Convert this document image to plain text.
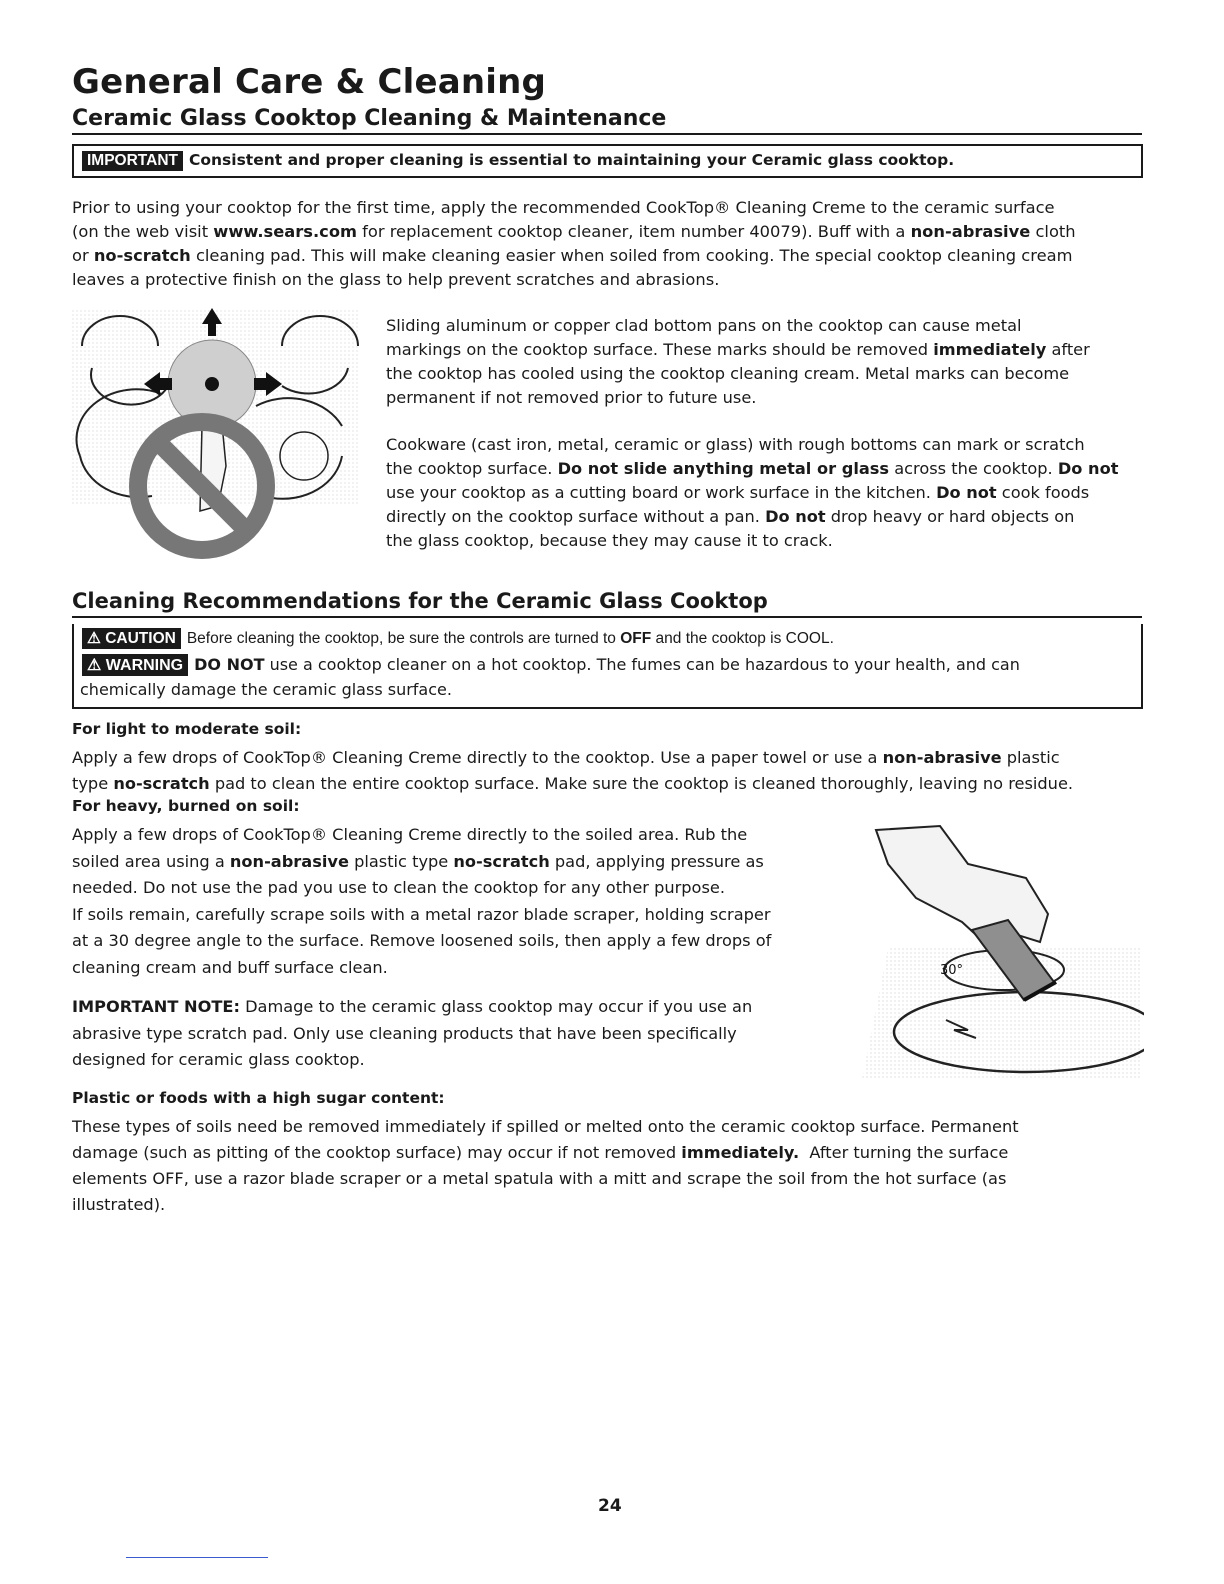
General Care & Cleaning
Ceramic Glass Cooktop Cleaning & Maintenance
IMPORTANT Consistent and proper cleaning is essential to maintaining your Ceramic glass cooktop.
Prior to using your cooktop for the first time, apply the recommended CookTop® Cleaning Creme to the ceramic surface
(on the web visit www.sears.com for replacement cooktop cleaner, item number 40079). Buff with a non-abrasive cloth
or no-scratch cleaning pad. This will make cleaning easier when soiled from cooking. The special cooktop cleaning cream
leaves a protective finish on the glass to help prevent scratches and abrasions.
Sliding aluminum or copper clad bottom pans on the cooktop can cause metal
markings on the cooktop surface. These marks should be removed immediately after
the cooktop has cooled using the cooktop cleaning cream. Metal marks can become
permanent if not removed prior to future use.
Cookware (cast iron, metal, ceramic or glass) with rough bottoms can mark or scratch
the cooktop surface. Do not slide anything metal or glass across the cooktop. Do not
use your cooktop as a cutting board or work surface in the kitchen. Do not cook foods
directly on the cooktop surface without a pan. Do not drop heavy or hard objects on
the glass cooktop, because they may cause it to crack.
Cleaning Recommendations for the Ceramic Glass Cooktop
⚠ CAUTION Before cleaning the cooktop, be sure the controls are turned to OFF and the cooktop is COOL.
⚠ WARNING DO NOT use a cooktop cleaner on a hot cooktop. The fumes can be hazardous to your health, and can
chemically damage the ceramic glass surface.
For light to moderate soil:
Apply a few drops of CookTop® Cleaning Creme directly to the cooktop. Use a paper towel or use a non-abrasive plastic
type no-scratch pad to clean the entire cooktop surface. Make sure the cooktop is cleaned thoroughly, leaving no residue.
For heavy, burned on soil:
Apply a few drops of CookTop® Cleaning Creme directly to the soiled area. Rub the
soiled area using a non-abrasive plastic type no-scratch pad, applying pressure as
needed. Do not use the pad you use to clean the cooktop for any other purpose.
If soils remain, carefully scrape soils with a metal razor blade scraper, holding scraper
at a 30 degree angle to the surface. Remove loosened soils, then apply a few drops of
cleaning cream and buff surface clean.
IMPORTANT NOTE: Damage to the ceramic glass cooktop may occur if you use an
abrasive type scratch pad. Only use cleaning products that have been specifically
designed for ceramic glass cooktop.
30°
Plastic or foods with a high sugar content:
These types of soils need be removed immediately if spilled or melted onto the ceramic cooktop surface. Permanent
damage (such as pitting of the cooktop surface) may occur if not removed immediately.  After turning the surface
elements OFF, use a razor blade scraper or a metal spatula with a mitt and scrape the soil from the hot surface (as
illustrated).
24
